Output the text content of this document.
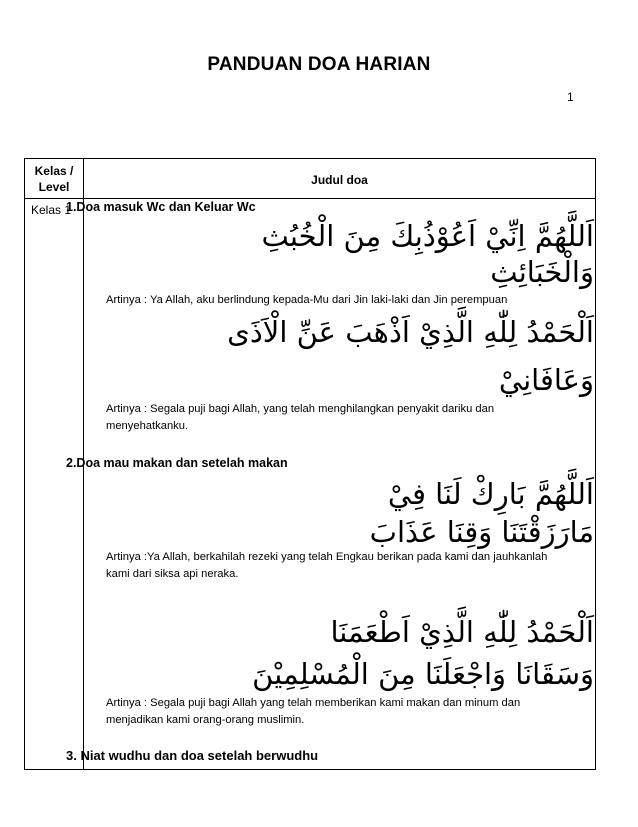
PANDUAN DOA HARIAN
1
Kelas / Level	Judul doa
Kelas 1
1.Doa masuk Wc dan Keluar Wc
اَللَّهُمَّ اِنِّيْ اَعُوْذُبِكَ مِنَ الْخُبُثِ
وَالْخَبَائِثِ
Artinya : Ya Allah, aku berlindung kepada-Mu dari Jin laki-laki dan Jin perempuan
اَلْحَمْدُ لِلّٰهِ الَّذِيْ اَذْهَبَ عَنِّ الْاَذَى
وَعَافَانِيْ
Artinya : Segala puji bagi Allah, yang telah menghilangkan penyakit dariku dan menyehatkanku.
2.Doa mau makan dan setelah makan
اَللَّهُمَّ بَارِكْ لَنَا فِيْ
مَارَزَقْتَنَا وَقِنَا عَذَابَ
Artinya :Ya Allah, berkahilah rezeki yang telah Engkau berikan pada kami dan jauhkanlah kami dari siksa api neraka.
اَلْحَمْدُ لِلّٰهِ الَّذِيْ اَطْعَمَنَا
وَسَقَانَا وَاجْعَلَنَا مِنَ الْمُسْلِمِيْنَ
Artinya : Segala puji bagi Allah yang telah memberikan kami makan dan minum dan menjadikan kami orang-orang muslimin.
3. Niat wudhu dan doa setelah berwudhu
